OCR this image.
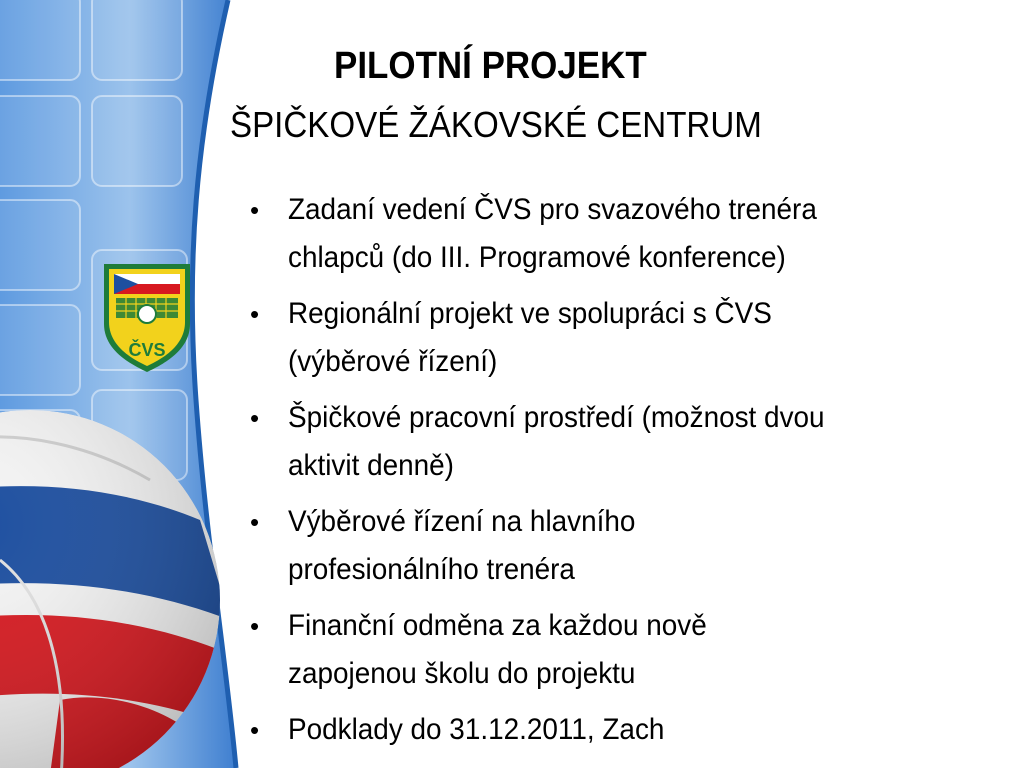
ČVS
PILOTNÍ PROJEKT
ŠPIČKOVÉ ŽÁKOVSKÉ CENTRUM
• Zadaní vedení ČVS pro svazového trenéra
chlapců (do III. Programové konference)
• Regionální projekt ve spolupráci s ČVS
(výběrové řízení)
• Špičkové pracovní prostředí (možnost dvou
aktivit denně)
• Výběrové řízení na hlavního
profesionálního trenéra
• Finanční odměna za každou nově
zapojenou školu do projektu
• Podklady do 31.12.2011, Zach
